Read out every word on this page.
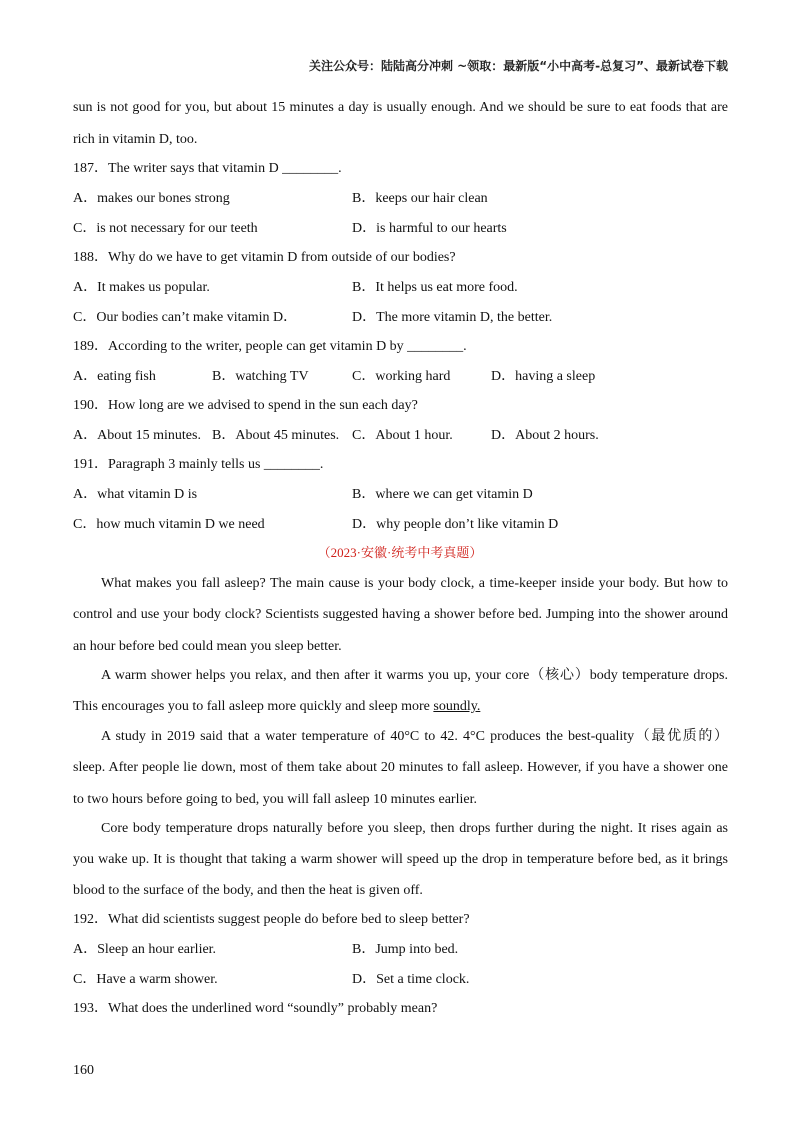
关注公众号：陆陆高分冲刺 ~领取：最新版“小中高考-总复习”、最新试卷下载
sun is not good for you, but about 15 minutes a day is usually enough. And we should be sure to eat foods that are
rich in vitamin D, too.
187．The writer says that vitamin D ________.
A．makes our bones strong	B．keeps our hair clean
C．is not necessary for our teeth	D．is harmful to our hearts
188．Why do we have to get vitamin D from outside of our bodies?
A．It makes us popular.	B．It helps us eat more food.
C．Our bodies can’t make vitamin D．	D．The more vitamin D, the better.
189．According to the writer, people can get vitamin D by ________.
A．eating fish	B．watching TV	C．working hard	D．having a sleep
190．How long are we advised to spend in the sun each day?
A．About 15 minutes. B．About 45 minutes. C．About 1 hour.	D．About 2 hours.
191．Paragraph 3 mainly tells us ________.
A．what vitamin D is	B．where we can get vitamin D
C．how much vitamin D we need	D．why people don’t like vitamin D
（2023·安徽·统考中考真题）
What makes you fall asleep? The main cause is your body clock, a time-keeper inside your body. But how to
control and use your body clock? Scientists suggested having a shower before bed. Jumping into the shower around
an hour before bed could mean you sleep better.
A warm shower helps you relax, and then after it warms you up, your core（核心）body temperature drops.
This encourages you to fall asleep more quickly and sleep more soundly.
A study in 2019 said that a water temperature of 40°C to 42. 4°C produces the best-quality（最优质的）
sleep. After people lie down, most of them take about 20 minutes to fall asleep. However, if you have a shower one
to two hours before going to bed, you will fall asleep 10 minutes earlier.
Core body temperature drops naturally before you sleep, then drops further during the night. It rises again as
you wake up. It is thought that taking a warm shower will speed up the drop in temperature before bed, as it brings
blood to the surface of the body, and then the heat is given off.
192．What did scientists suggest people do before bed to sleep better?
A．Sleep an hour earlier.	B．Jump into bed.
C．Have a warm shower.	D．Set a time clock.
193．What does the underlined word “soundly” probably mean?
160
